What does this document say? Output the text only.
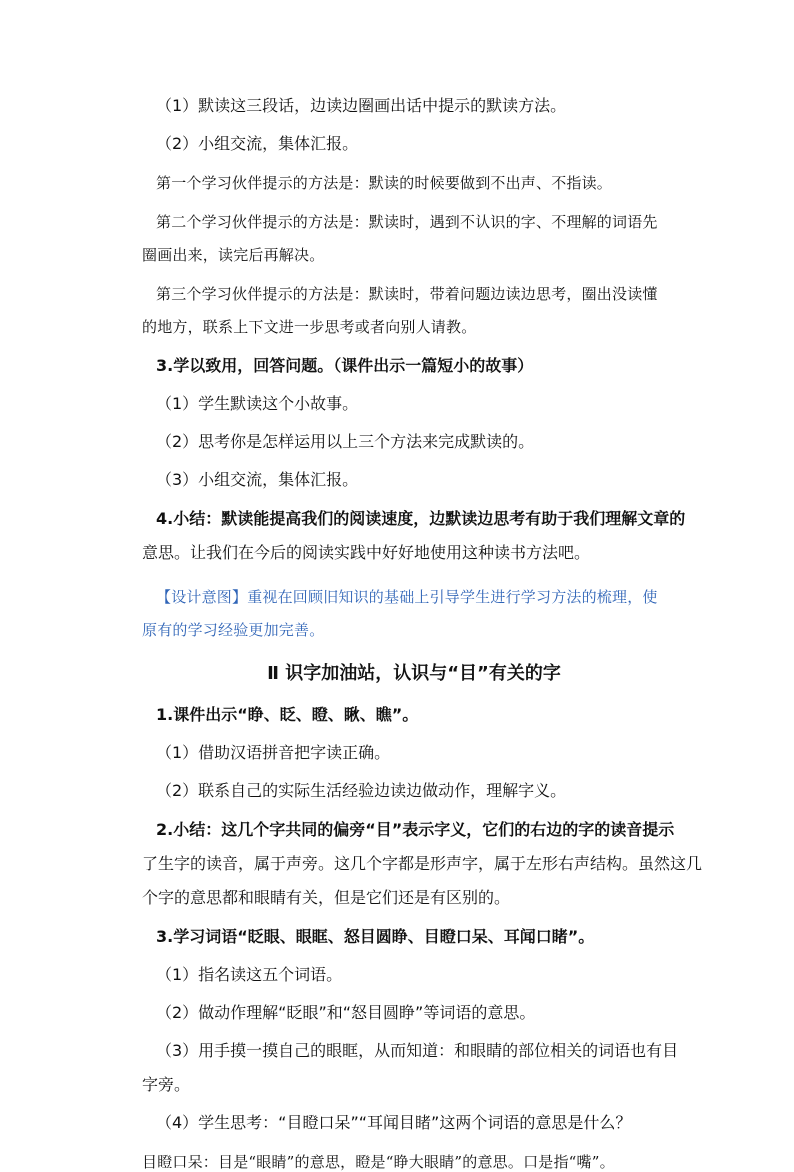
（1）默读这三段话，边读边圈画出话中提示的默读方法。
（2）小组交流，集体汇报。
第一个学习伙伴提示的方法是：默读的时候要做到不出声、不指读。
第二个学习伙伴提示的方法是：默读时，遇到不认识的字、不理解的词语先
圈画出来，读完后再解决。
第三个学习伙伴提示的方法是：默读时，带着问题边读边思考，圈出没读懂
的地方，联系上下文进一步思考或者向别人请教。
3.学以致用，回答问题。（课件出示一篇短小的故事）
（1）学生默读这个小故事。
（2）思考你是怎样运用以上三个方法来完成默读的。
（3）小组交流，集体汇报。
4.小结：默读能提高我们的阅读速度，边默读边思考有助于我们理解文章的
意思。让我们在今后的阅读实践中好好地使用这种读书方法吧。
【设计意图】重视在回顾旧知识的基础上引导学生进行学习方法的梳理，使
原有的学习经验更加完善。
Ⅱ 识字加油站，认识与“目”有关的字
1.课件出示“睁、眨、瞪、瞅、瞧”。
（1）借助汉语拼音把字读正确。
（2）联系自己的实际生活经验边读边做动作，理解字义。
2.小结：这几个字共同的偏旁“目”表示字义，它们的右边的字的读音提示
了生字的读音，属于声旁。这几个字都是形声字，属于左形右声结构。虽然这几
个字的意思都和眼睛有关，但是它们还是有区别的。
3.学习词语“眨眼、眼眶、怒目圆睁、目瞪口呆、耳闻口睹”。
（1）指名读这五个词语。
（2）做动作理解“眨眼”和“怒目圆睁”等词语的意思。
（3）用手摸一摸自己的眼眶，从而知道：和眼睛的部位相关的词语也有目
字旁。
（4）学生思考：“目瞪口呆”“耳闻目睹”这两个词语的意思是什么？
目瞪口呆：目是“眼睛”的意思，瞪是“睁大眼睛”的意思。口是指“嘴”。
